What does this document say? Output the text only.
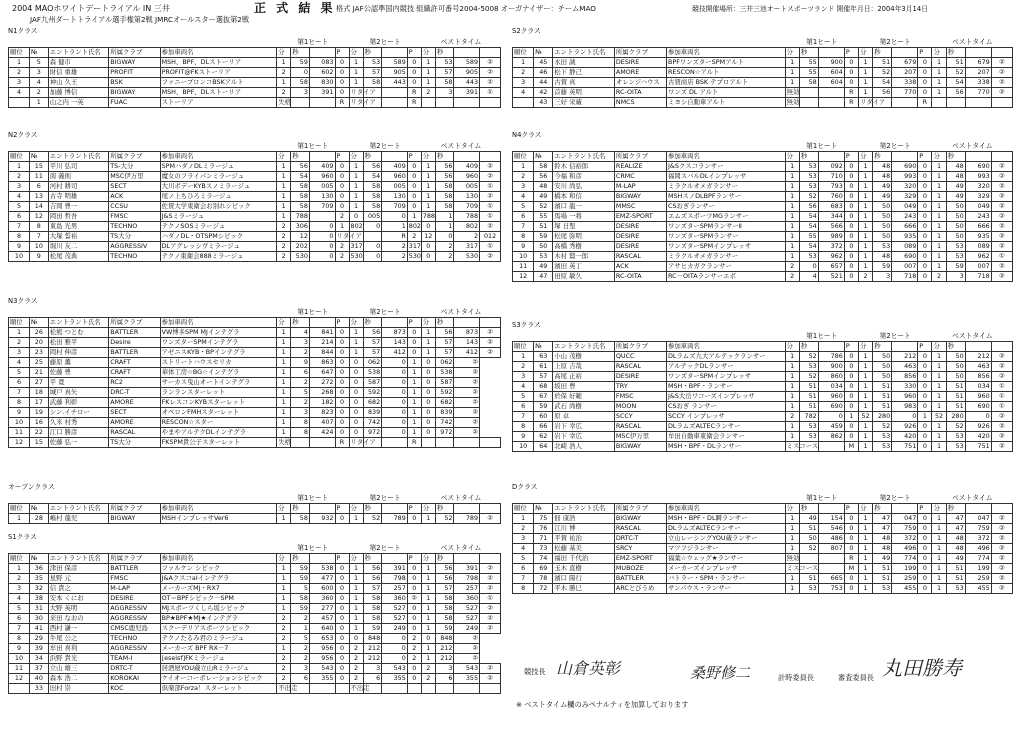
2004 MAOホワイトデートライアル IN 三井	正 式 結 果 格式 JAF公認準国内競技 組織許可番号2004-5008 オーガナイザー：チームMAO
JAF九州ダートトライアル選手権第2戦 JMRCオールスター選抜第2戦
競技開催場所：三井三池オートスポーツランド 開催年月日：2004年3月14日
N1クラス
					第1ヒート				第2ヒート				ベストタイム			
順位	№	エントラント氏名	所属クラブ	参加車両名	分	秒		P	分	秒		P	分	秒		
1	5	森 健市	BIGWAY	MSH、BPF、DLストーリア	1	59	083	0	1	53	589	0	1	53	589	②
2	3	財信 重雄	PROFIT	PROFIT@FKストーリア	2	0	602	0	1	57	905	0	1	57	905	②
3	4	神山 久王	BSK	ファニーブロンコBSKアルト	1	58	830	0	1	58	443	0	1	58	443	②
4	2	加藤 博信	BIGWAY	MSH、BPF、DLストーリア	2	3	391	0	リタイア			R	2	3	391	①
	1	山之内 一英	FUAC	ストーリア	失格			R	リタイア			R				
S2クラス
					第1ヒート				第2ヒート				ベストタイム			
順位	№	エントラント氏名	所属クラブ	参加車両名	分	秒		P	分	秒		P	分	秒		
1	45	永田 誠	DESIRE	BPFワンズターSPMアルト	1	55	900	0	1	51	679	0	1	51	679	②
2	46	松下 静己	AMORE	RESCON☆アルト	1	55	604	0	1	52	207	0	1	52	207	②
3	44	古賀 真	オレンジハウス	古賀商店 BSK テプロアルト	1	58	604	0	1	54	338	0	1	54	338	②
4	42	首藤 英明	RC-OITA	ワンズ DL アルト	無効			R	1	56	770	0	1	56	770	②
	43	三好 栄蔵	NMCS	ミヨシ自動車アルト	無効			R	リタイア			R				
N2クラス
					第1ヒート				第2ヒート				ベストタイム			
順位	№	エントラント氏名	所属クラブ	参加車両名	分	秒		P	分	秒		P	分	秒		
1	15	平川 弘司	TS-大分	SPMハダノDLミラージュ	1	56	409	0	1	56	409	0	1	56	409	②
2	11	南 義則	MSC伊万里	魔女のフライパンミラージュ	1	54	960	0	1	54	960	0	1	56	960	②
3	6	河村 耕司	SECT	大川ボデーKYBスノミラージュ	1	58	005	0	1	58	005	0	1	58	005	①
4	13	古寺 明雄	ACK	尾ノ上ちひろミラージュ	1	58	130	0	1	58	130	0	1	58	130	②
5	14	吉岡 豊一	CCSU	佐賀大学東衛会お別れシビック	1	58	709	0	1	58	709	0	1	58	709	①
6	12	岡田 哲吾	FMSC	J&Sミラージュ	1	788		2	0	005	0	1	788	1	788	①
7	8	東島 光男	TECHNO	テクノSOSミラージュ	2	306	0	1	802	0	1	802	0	1	802	②
8	7	大塚 誓裕	TS大分	ハダノDL・OTSPMシビック	2	12	0	リタイア			R	2	12	0	2	012
9	10	堀川 友二	AGGRESSIV	DLアグレッシヴミラージュ	2	202	0	2	317	0	2	317	0	2	317	①
10	9	松尾 茂典	TECHNO	テクノ東衛会888ミラージュ	2	530	0	2	530	0	2	530	0	2	530	②
N4クラス
					第1ヒート				第2ヒート				ベストタイム			
順位	№	エントラント氏名	所属クラブ	参加車両名	分	秒		P	分	秒		P	分	秒		
1	58	鈴木 信裕郎	REALIZE	J&Sクスコランサー	1	53	092	0	1	48	690	0	1	48	690	②
2	56	今福 和彦	CRMC	福岡スバルDLインプレッサ	1	53	710	0	1	48	993	0	1	48	993	②
3	48	安川 尚弘	M-LAP	ミラクルオメガランサー	1	53	793	0	1	49	320	0	1	49	320	②
4	49	橋本 和信	BIGWAY	MSHスノDLBPFランサー	1	52	760	0	1	49	329	0	1	49	329	②
5	52	濱口 龍一	MMSC	CSおぎランサー	1	56	683	0	1	50	049	0	1	50	049	②
6	55	馬場 一将	EMZ-SPORT	エムズスポーツMGランサー	1	54	344	0	1	50	243	0	1	50	243	②
7	51	塚 日聖	DESIRE	ワンズターSPMランサーⅡ	1	54	566	0	1	50	666	0	1	50	666	②
8	59	松尾 弥明	DESIRE	ワンズターSPMランサー	1	55	989	0	1	50	935	0	1	50	935	②
9	50	高橋 秀樹	DESIRE	ワンズターSPMインプレッサ	1	54	372	0	1	53	089	0	1	53	089	②
10	53	木村 賢一郎	RASCAL	ミラクルオメガランサー	1	53	962	0	1	48	690	0	1	53	962	①
11	49	濱田 英丁	ACK	アサヒカガクランサー	2	0	657	0	1	59	007	0	1	59	007	②
12	47	田原 敏久	RC-OITA	RC－OITAランサーエボ	2	4	521	0	2	3	718	0	2	3	718	②
N3クラス
					第1ヒート				第2ヒート				ベストタイム			
順位	№	エントラント氏名	所属クラブ	参加車両名	分	秒		P	分	秒		P	分	秒		
1	26	松熊 つとむ	BATTLER	VW博多SPM MJインテグラ	1	4	841	0	1	56	873	0	1	56	873	②
2	20	松田 雅平	Desire	ワンズターSPMインテグラ	1	3	214	0	1	57	143	0	1	57	143	②
3	23	岡村 伸彦	BATTLER	アゼニスKYB・BPインテグラ	1	2	844	0	1	57	412	0	1	57	412	②
4	25	藤原 薫	CRAFT	ストリートハウスセリカ	1	9	863	0	0	062	0	1	0	062	②	
5	21	佐藤 豊	CRAFT	華体工房☆BG☆インテグラ	1	6	647	0	0	538	0	1	0	538	②	
6	27	平 寛	RC2	サーカス曳山オートインテグラ	1	2	272	0	0	587	0	1	0	587	②	
7	18	城戸 真矢	DRC-T	ランランスターレット	1	5	268	0	0	592	0	1	0	592	②	
8	17	武藤 利彰	AMORE	FKレスコンKYBスターレット	1	2	182	0	0	682	0	1	0	682	②	
9	19	シン.イチロー	SECT	オペロンFMHスターレット	1	3	823	0	0	839	0	1	0	839	②	
10	16	久米 村秀	AMORE	RESCON☆スター	1	8	407	0	0	742	0	1	0	742	②	
11	22	江口 勝彦	RASCAL	やまやアルテクDLインテグラ	1	8	424	0	0	972	0	1	0	972	②	
12	15	佐藤 弘一	TS大分	FKSPM貴公子スターレット	失格			R	リタイア			R				
S3クラス
					第1ヒート				第2ヒート				ベストタイム			
順位	№	エントラント氏名	所属クラブ	参加車両名	分	秒		P	分	秒		P	分	秒		
1	63	小山 茂樹	QUCC	DLラムズ九大アルテックランサー	1	52	786	0	1	50	212	0	1	50	212	②
2	61	上原 吉哉	RASCAL	アルテックDLランサー	1	53	900	0	1	50	463	0	1	50	463	②
3	57	高尾 正裕	DESIRE	ワンズターSPMインプレッサ	1	52	860	0	1	50	856	0	1	50	856	②
4	68	坂田 豊	TRY	MSH・BPF・ランサー	1	51	034	0	1	51	330	0	1	51	034	①
5	67	於保 好範	FMSC	J&S大岳ワコーズインプレッサ	1	51	960	0	1	51	960	0	1	51	960	①
6	59	武石 尚樹	MOON	CSおぎ ランサー	1	51	690	0	1	51	983	0	1	51	690	①
7	60	原 卓	SCCY	SCCY インプレッサ	2	782	0	1	52	280	0	1	52	280	0	②
8	66	岩下 幸広	RASCAL	DLラムズALTECランサー	1	53	459	0	1	52	926	0	1	52	926	②
9	62	岩下 幸広	MSC伊万里	牟田自動車東衛会ランサー	1	53	862	0	1	53	420	0	1	53	420	②
10	64	北崎 浩人	BIGWAY	MSH・BPF・DLランサー	ミスコース			M	1	53	751	0	1	53	751	②
オープンクラス
					第1ヒート				第2ヒート				ベストタイム			
順位	№	エントラント氏名	所属クラブ	参加車両名	分	秒		P	分	秒		P	分	秒		
1	28	嶋村 龍児	BIGWAY	MSHインプレッサVer6	1	58	932	0	1	52	789	0	1	52	789	②
Dクラス
					第1ヒート				第2ヒート				ベストタイム			
順位	№	エントラント氏名	所属クラブ	参加車両名	分	秒		P	分	秒		P	分	秒		
1	75	佃 康浩	BIGWAY	MSH・BPF・DL瞬ランサー	1	49	154	0	1	47	047	0	1	47	047	②
2	76	江川 博	RASCAL	DLラムズALTECランサー	1	51	546	0	1	47	759	0	1	47	759	②
3	71	平賀 祐治	DRTC-T	立山レーシングYOU蔵ランサー	1	50	486	0	1	48	372	0	1	48	372	②
4	73	松藤 基美	SRCY	マツフジランサー	1	52	807	0	1	48	496	0	1	48	496	②
5	74	福田 千代治	EMZ-SPORT	福葉☆ウェッグ★ランサー	無効			R	1	49	774	0	1	49	774	②
6	69	玉木 直樹	MUBOZE	メーカーズインプレッサ	ミスコース			M	1	51	199	0	1	51	199	②
7	78	濱口 陽行	BATTLER	バトラー・SPM・ランサー	1	51	665	0	1	51	259	0	1	51	259	②
8	72	平木 勝巳	ARCとびうめ	サンパウス・ランサー	1	53	753	0	1	53	455	0	1	53	455	②
S1クラス
					第1ヒート				第2ヒート				ベストタイム			
順位	№	エントラント氏名	所属クラブ	参加車両名	分	秒		P	分	秒		P	分	秒		
1	36	津田 保彦	BATTLER	ファルケン シビック	1	59	538	0	1	56	391	0	1	56	391	②
2	35	星野 元	FMSC	J&AクスコaIインテグラ	1	59	477	0	1	56	798	0	1	56	798	②
3	32	信 貴之	M-LAP	メーカーズMJ・RX7	1	5	600	0	1	57	257	0	1	57	257	②
4	38	安本 くにお	DESIRE	OT＝BPFシビック－SPM	1	58	360	0	1	58	360	②	1	58	360	①
5	31	大野 英明	AGGRESSIV	MJスポーツくしら坂シビック	1	59	277	0	1	58	527	0	1	58	527	②
6	30	来田 なおの	AGGRESSIV	BP★BPF★MJ★インテグラ	2	2	457	0	1	58	527	0	1	58	527	②
7	41	西村 謙一	CMSC鹿児島	スクーデリアスポーツシビック	2	1	640	0	1	59	249	0	1	59	249	②
8	29	牛尾 公之	TECHNO	テクノたるみ君のミラージュ	2	5	653	0	0	848	0	2	0	848	②	
9	39	牟田 喜利	AGGRESSIV	メーカーズ BPF RX－7	1	2	956	0	2	212	0	2	1	212	②	
10	34	浜野 貴光	TEAM-I	[eseisf]FKミラージュ	2	2	956	0	2	212	0	2	1	212	②	
11	37	立山 雄三	DRTC-T	居酒屋YOU蔵立山Rミラージュ	2	3	543	0	2	3	543	0	2	3	543	②
12	40	森本 浩二	KOROKAI	ケイオーコーポレーションシビック	2	6	355	0	2	6	355	0	2	6	355	②
	33	田村 崇	KOC	倶楽部Forza！スターレット	不出走				不出走							
競技長 山倉英彰	桑野修二	計時委員長	審査委員長 丸田勝寿
※ ベストタイム欄のみペナルティを加算しております
